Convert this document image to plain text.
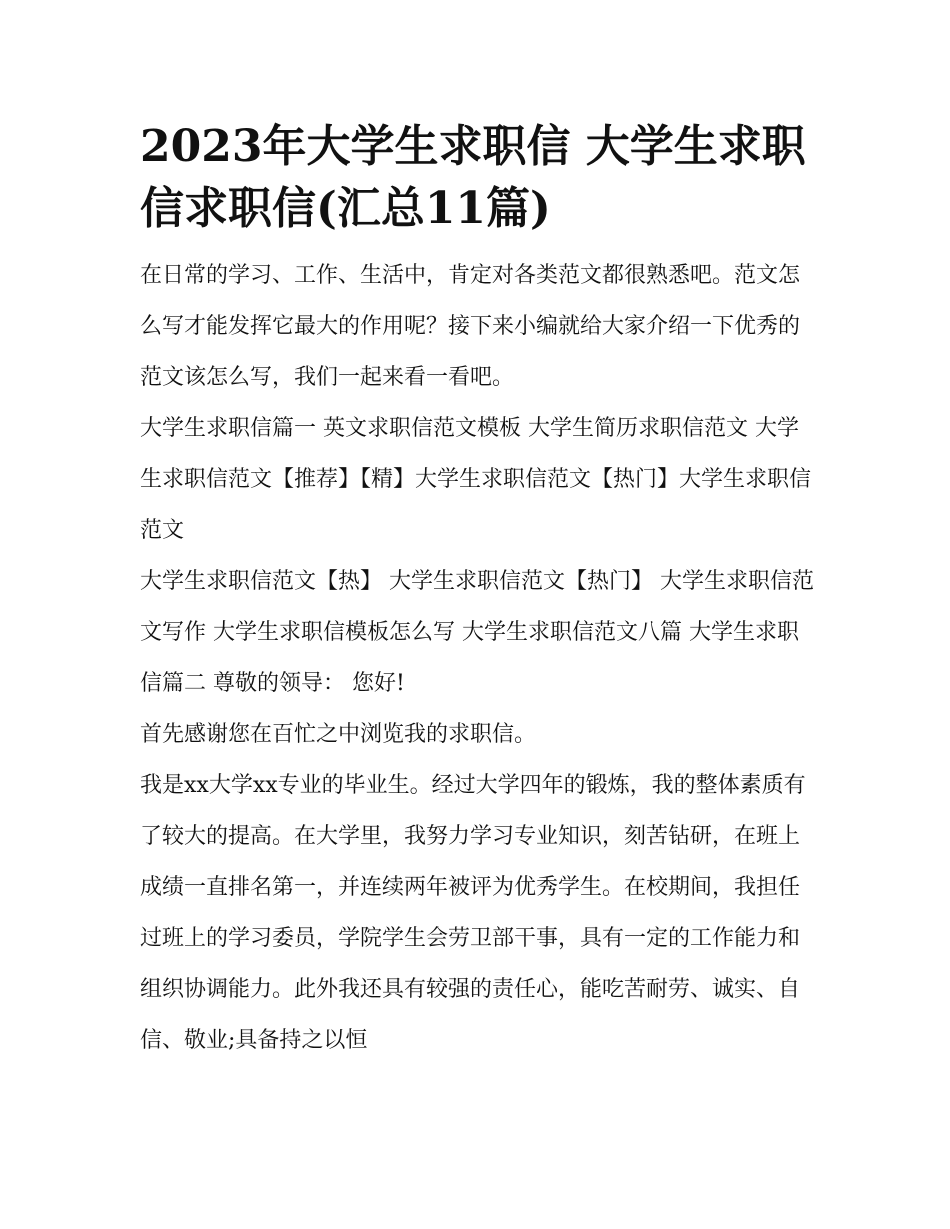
2023年大学生求职信 大学生求职信求职信(汇总11篇)

在日常的学习、工作、生活中，肯定对各类范文都很熟悉吧。范文怎么写才能发挥它最大的作用呢？接下来小编就给大家介绍一下优秀的范文该怎么写，我们一起来看一看吧。

大学生求职信篇一 英文求职信范文模板 大学生简历求职信范文 大学生求职信范文【推荐】【精】大学生求职信范文【热门】大学生求职信范文

大学生求职信范文【热】 大学生求职信范文【热门】 大学生求职信范文写作 大学生求职信模板怎么写 大学生求职信范文八篇 大学生求职信篇二 尊敬的领导： 您好!

首先感谢您在百忙之中浏览我的求职信。

我是xx大学xx专业的毕业生。经过大学四年的锻炼，我的整体素质有了较大的提高。在大学里，我努力学习专业知识，刻苦钻研，在班上成绩一直排名第一，并连续两年被评为优秀学生。在校期间，我担任过班上的学习委员，学院学生会劳卫部干事，具有一定的工作能力和组织协调能力。此外我还具有较强的责任心，能吃苦耐劳、诚实、自信、敬业;具备持之以恒
